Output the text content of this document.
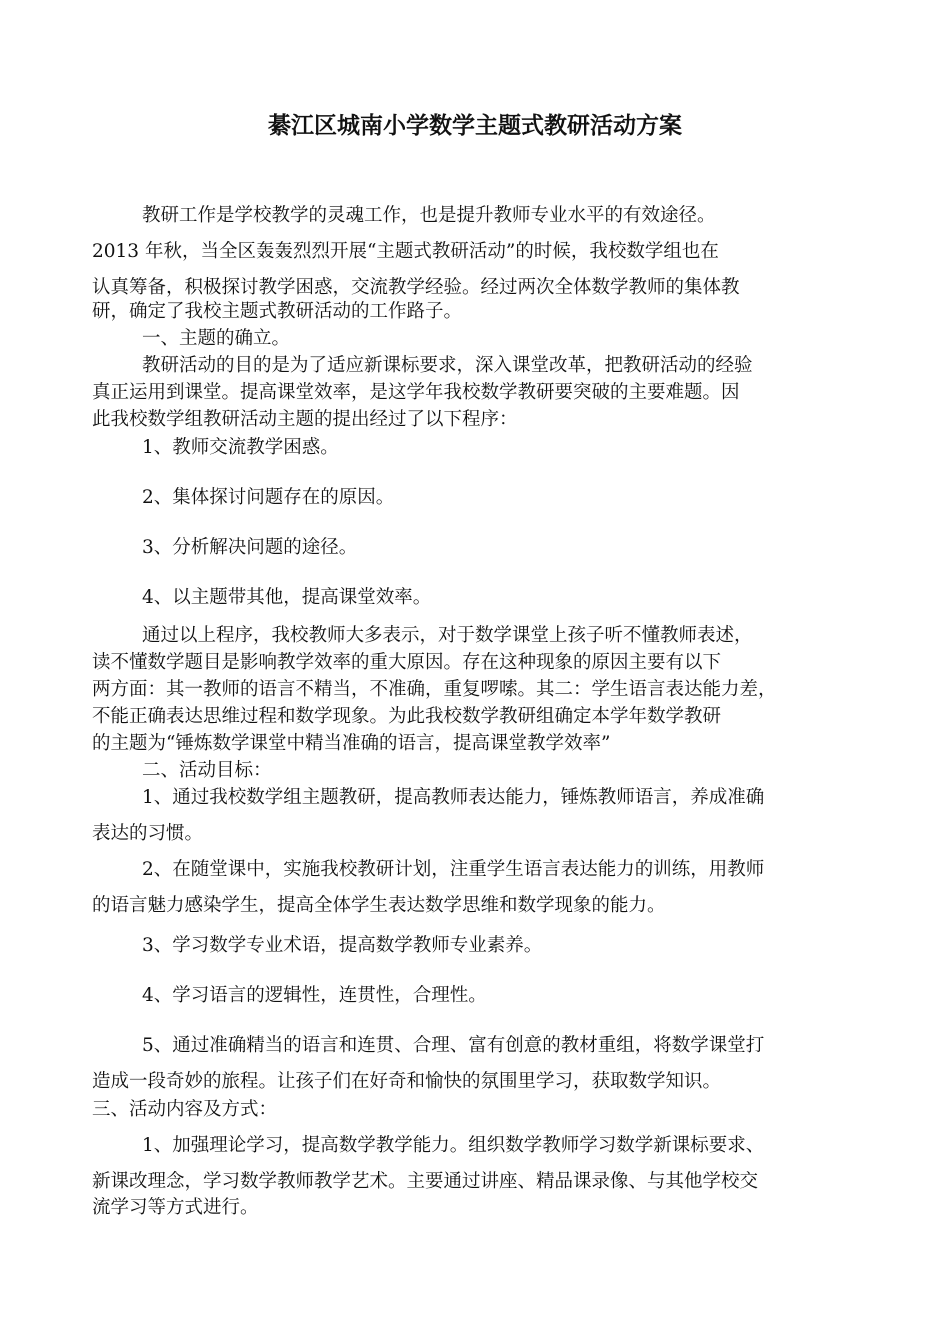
綦江区城南小学数学主题式教研活动方案

教研工作是学校教学的灵魂工作，也是提升教师专业水平的有效途径。
2013 年秋，当全区轰轰烈烈开展“主题式教研活动”的时候，我校数学组也在
认真筹备，积极探讨教学困惑，交流教学经验。经过两次全体数学教师的集体教

研，确定了我校主题式教研活动的工作路子。

一、主题的确立。
教研活动的目的是为了适应新课标要求，深入课堂改革，把教研活动的经验
真正运用到课堂。提高课堂效率，是这学年我校数学教研要突破的主要难题。因
此我校数学组教研活动主题的提出经过了以下程序：

1、教师交流教学困惑。

2、集体探讨问题存在的原因。

3、分析解决问题的途径。

4、以主题带其他，提高课堂效率。

通过以上程序，我校教师大多表示，对于数学课堂上孩子听不懂教师表述，
读不懂数学题目是影响教学效率的重大原因。存在这种现象的原因主要有以下
两方面：其一教师的语言不精当，不准确，重复啰嗦。其二：学生语言表达能力差，
不能正确表达思维过程和数学现象。为此我校数学教研组确定本学年数学教研
的主题为“锤炼数学课堂中精当准确的语言，提高课堂教学效率”
二、活动目标：

1、通过我校数学组主题教研，提高教师表达能力，锤炼教师语言，养成准确
表达的习惯。

2、在随堂课中，实施我校教研计划，注重学生语言表达能力的训练，用教师
的语言魅力感染学生，提高全体学生表达数学思维和数学现象的能力。

3、学习数学专业术语，提高数学教师专业素养。

4、学习语言的逻辑性，连贯性，合理性。

5、通过准确精当的语言和连贯、合理、富有创意的教材重组，将数学课堂打
造成一段奇妙的旅程。让孩子们在好奇和愉快的氛围里学习，获取数学知识。

三、活动内容及方式：

1、加强理论学习，提高数学教学能力。组织数学教师学习数学新课标要求、
新课改理念，学习数学教师教学艺术。主要通过讲座、精品课录像、与其他学校交

流学习等方式进行。
